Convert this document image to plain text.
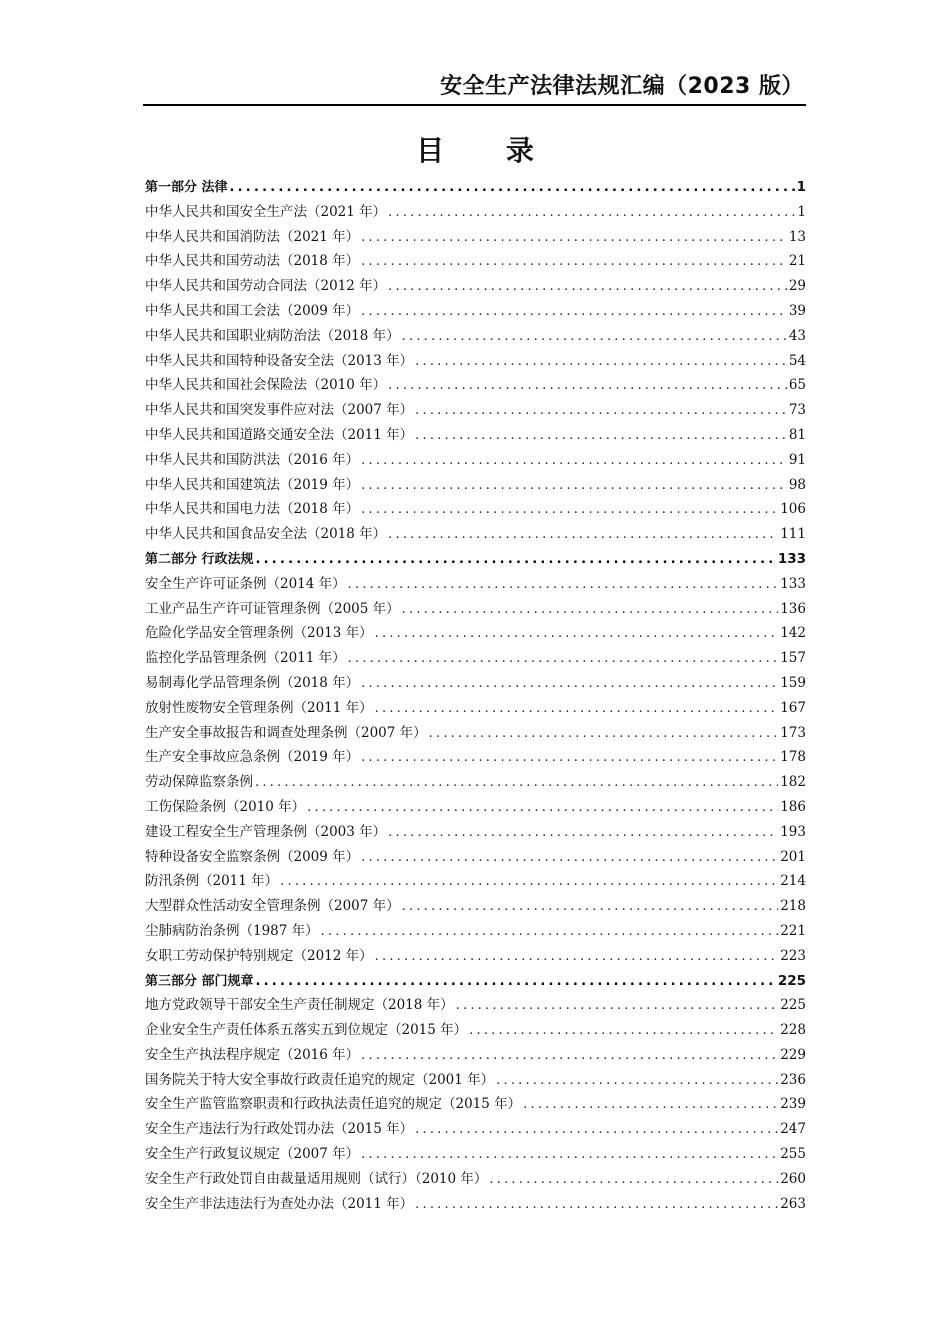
安全生产法律法规汇编（2023 版）
目 录
第一部分 法律 .....	1
中华人民共和国安全生产法（2021 年） .....	1
中华人民共和国消防法（2021 年） .....	13
中华人民共和国劳动法（2018 年） .....	21
中华人民共和国劳动合同法（2012 年） .....	29
中华人民共和国工会法（2009 年） .....	39
中华人民共和国职业病防治法（2018 年） .....	43
中华人民共和国特种设备安全法（2013 年） .....	54
中华人民共和国社会保险法（2010 年） .....	65
中华人民共和国突发事件应对法（2007 年） .....	73
中华人民共和国道路交通安全法（2011 年） .....	81
中华人民共和国防洪法（2016 年） .....	91
中华人民共和国建筑法（2019 年） .....	98
中华人民共和国电力法（2018 年） .....	106
中华人民共和国食品安全法（2018 年） .....	111
第二部分 行政法规 .....	133
安全生产许可证条例（2014 年） .....	133
工业产品生产许可证管理条例（2005 年） .....	136
危险化学品安全管理条例（2013 年） .....	142
监控化学品管理条例（2011 年） .....	157
易制毒化学品管理条例（2018 年） .....	159
放射性废物安全管理条例（2011 年） .....	167
生产安全事故报告和调查处理条例（2007 年） .....	173
生产安全事故应急条例（2019 年） .....	178
劳动保障监察条例 .....	182
工伤保险条例（2010 年） .....	186
建设工程安全生产管理条例（2003 年） .....	193
特种设备安全监察条例（2009 年） .....	201
防汛条例（2011 年） .....	214
大型群众性活动安全管理条例（2007 年） .....	218
尘肺病防治条例（1987 年） .....	221
女职工劳动保护特别规定（2012 年） .....	223
第三部分 部门规章 .....	225
地方党政领导干部安全生产责任制规定（2018 年） .....	225
企业安全生产责任体系五落实五到位规定（2015 年） .....	228
安全生产执法程序规定（2016 年） .....	229
国务院关于特大安全事故行政责任追究的规定（2001 年） .....	236
安全生产监管监察职责和行政执法责任追究的规定（2015 年） .....	239
安全生产违法行为行政处罚办法（2015 年） .....	247
安全生产行政复议规定（2007 年） .....	255
安全生产行政处罚自由裁量适用规则（试行）（2010 年） .....	260
安全生产非法违法行为查处办法（2011 年） .....	263
